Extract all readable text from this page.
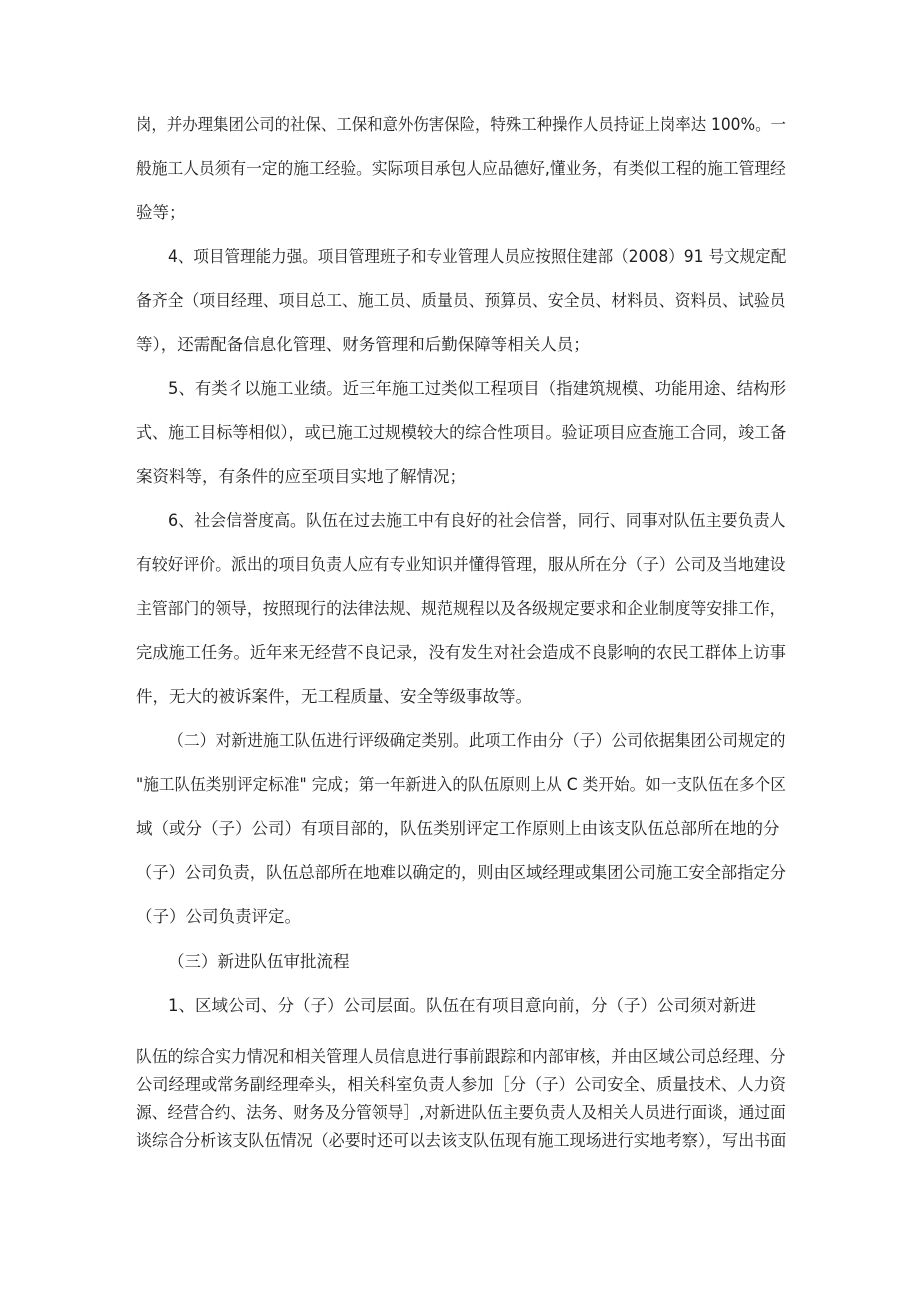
岗，并办理集团公司的社保、工保和意外伤害保险，特殊工种操作人员持证上岗率达 100%。一
般施工人员须有一定的施工经验。实际项目承包人应品德好,懂业务，有类似工程的施工管理经
验等；
4、项目管理能力强。项目管理班子和专业管理人员应按照住建部（2008）91 号文规定配
备齐全（项目经理、项目总工、施工员、质量员、预算员、安全员、材料员、资料员、试验员
等），还需配备信息化管理、财务管理和后勤保障等相关人员；
5、有类彳以施工业绩。近三年施工过类似工程项目（指建筑规模、功能用途、结构形
式、施工目标等相似），或已施工过规模较大的综合性项目。验证项目应查施工合同，竣工备
案资料等，有条件的应至项目实地了解情况；
6、社会信誉度高。队伍在过去施工中有良好的社会信誉，同行、同事对队伍主要负责人
有较好评价。派出的项目负责人应有专业知识并懂得管理，服从所在分（子）公司及当地建设
主管部门的领导，按照现行的法律法规、规范规程以及各级规定要求和企业制度等安排工作，
完成施工任务。近年来无经营不良记录，没有发生对社会造成不良影响的农民工群体上访事
件，无大的被诉案件，无工程质量、安全等级事故等。
（二）对新进施工队伍进行评级确定类别。此项工作由分（子）公司依据集团公司规定的
"施工队伍类别评定标准" 完成；第一年新进入的队伍原则上从 C 类开始。如一支队伍在多个区
域（或分（子）公司）有项目部的，队伍类别评定工作原则上由该支队伍总部所在地的分
（子）公司负责，队伍总部所在地难以确定的，则由区域经理或集团公司施工安全部指定分
（子）公司负责评定。
（三）新进队伍审批流程
1、区域公司、分（子）公司层面。队伍在有项目意向前，分（子）公司须对新进
队伍的综合实力情况和相关管理人员信息进行事前跟踪和内部审核，并由区域公司总经理、分
公司经理或常务副经理牵头，相关科室负责人参加［分（子）公司安全、质量技术、人力资
源、经营合约、法务、财务及分管领导］,对新进队伍主要负责人及相关人员进行面谈，通过面
谈综合分析该支队伍情况（必要时还可以去该支队伍现有施工现场进行实地考察），写出书面
